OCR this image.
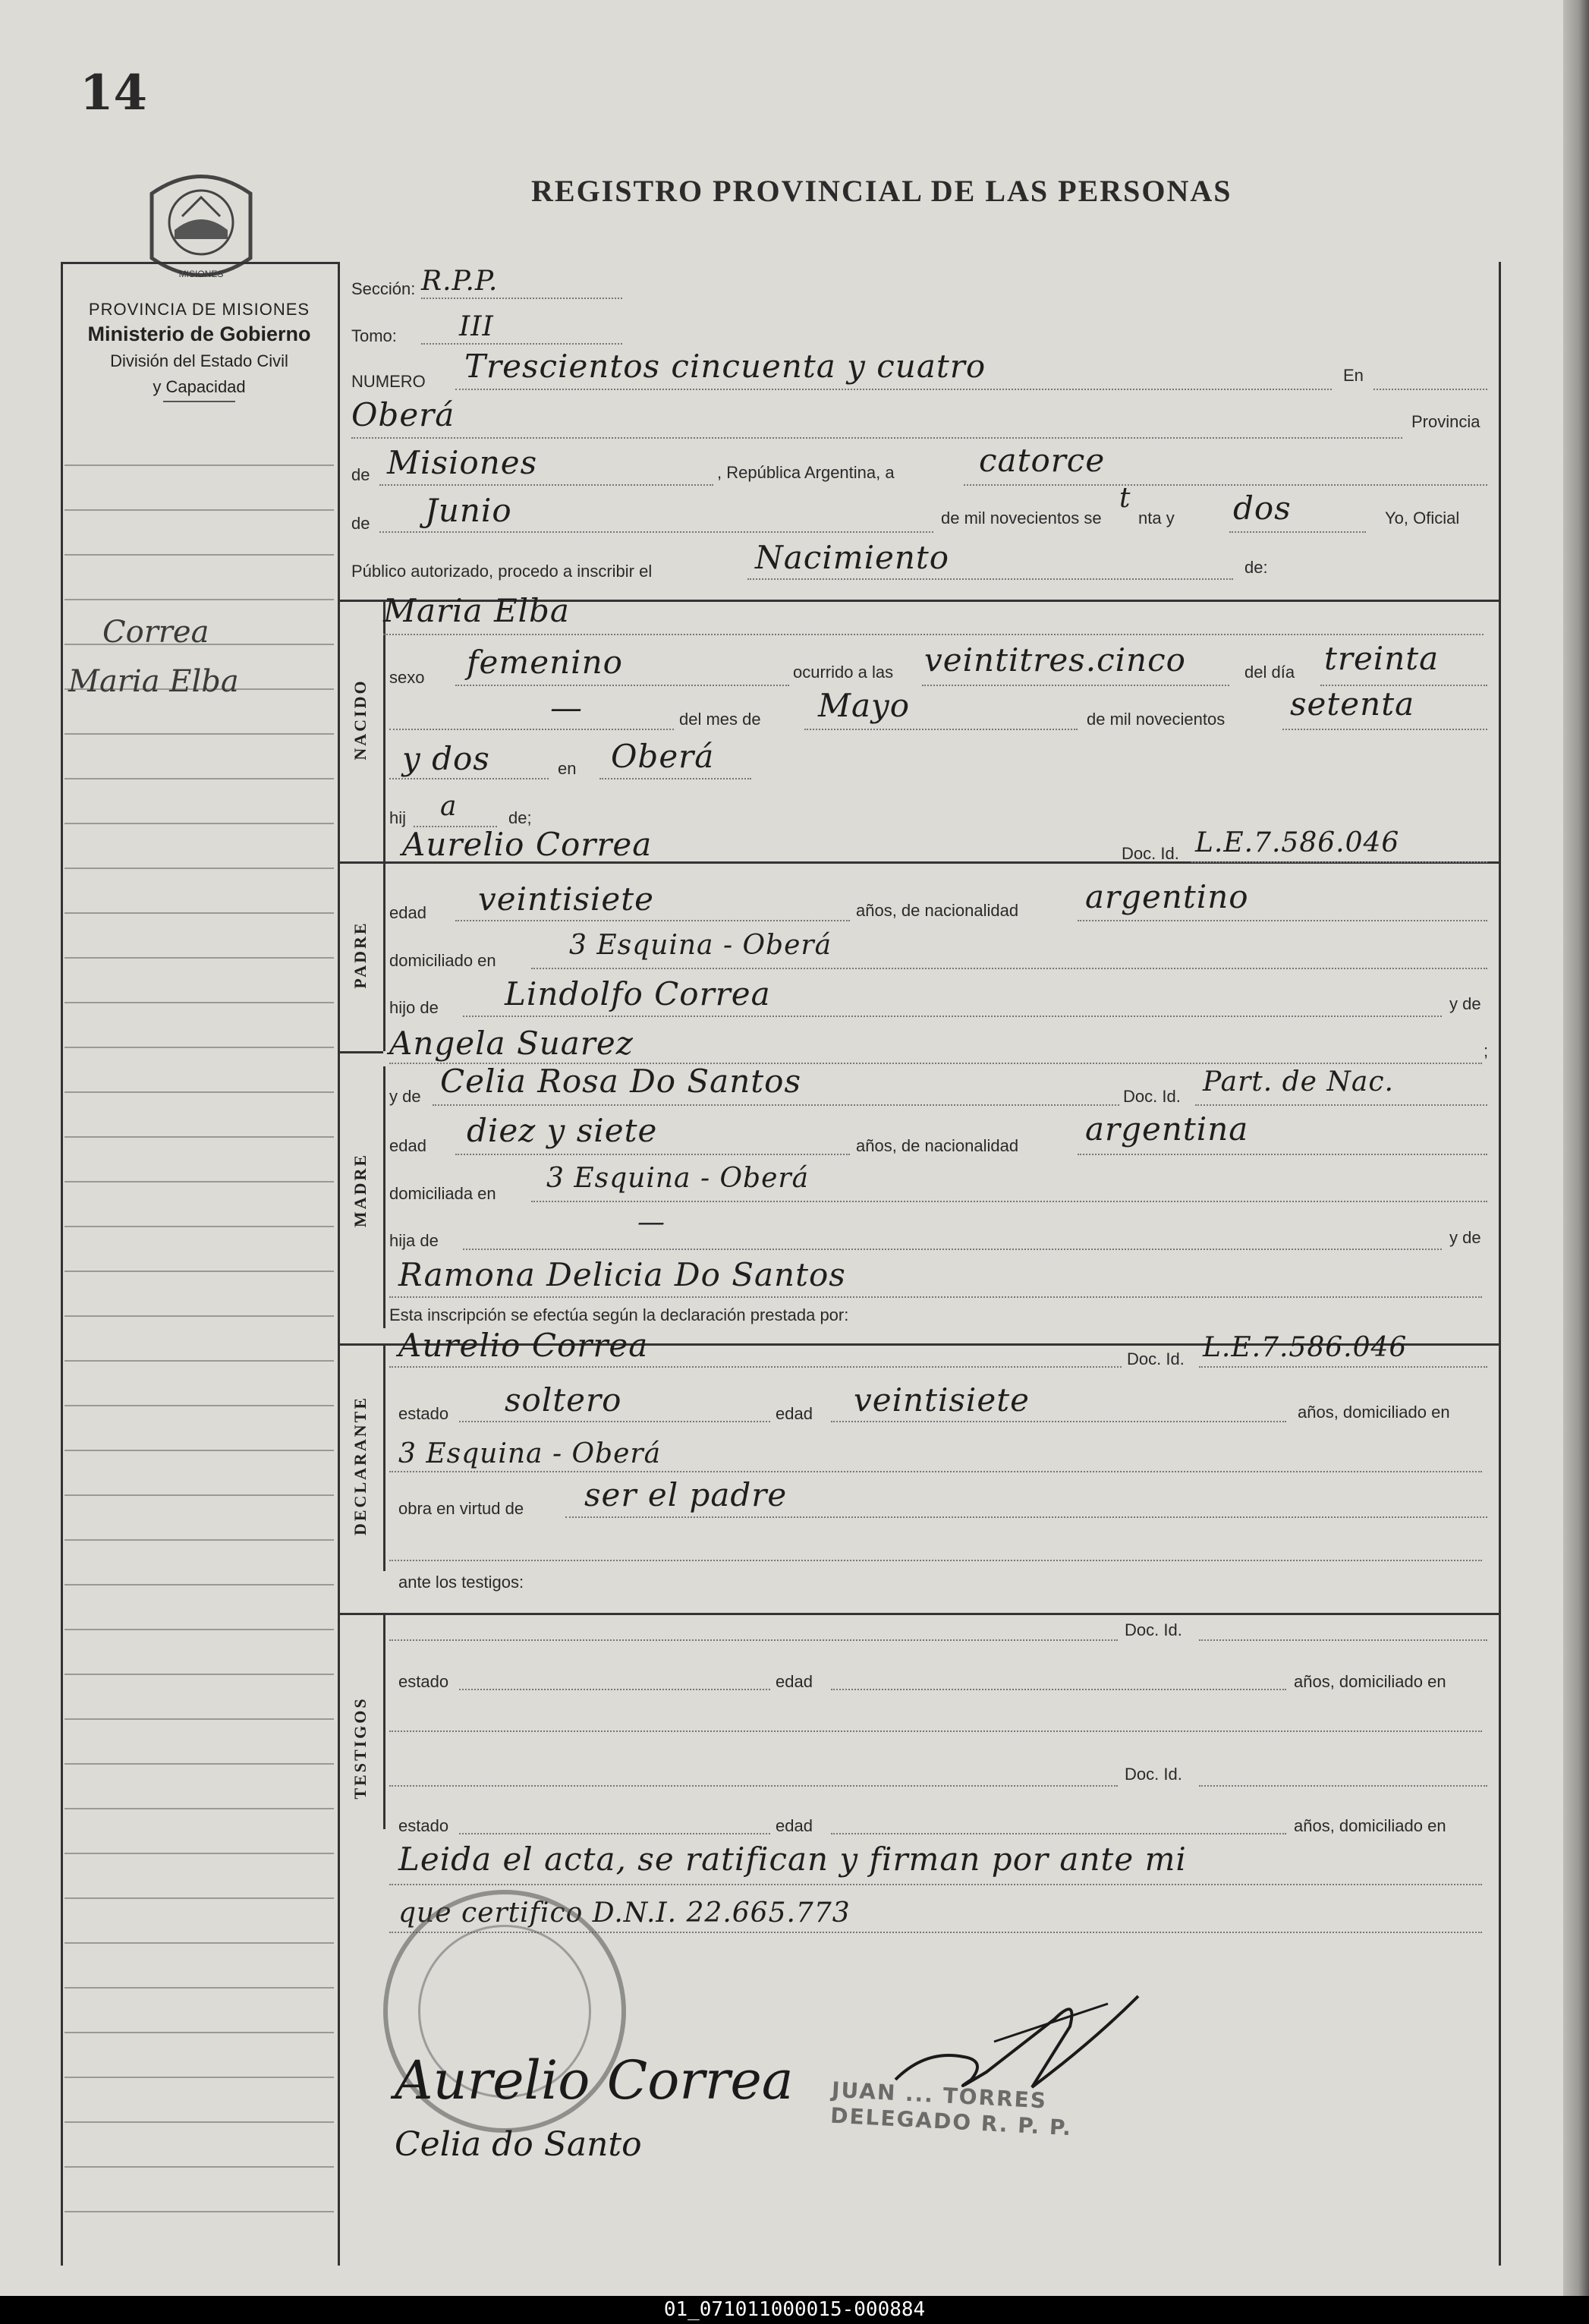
14
MISIONES
REGISTRO PROVINCIAL DE LAS PERSONAS
PROVINCIA DE MISIONES
Ministerio de Gobierno
División del Estado Civil
y Capacidad
Correa
Maria Elba
Sección: R.P.P.
Tomo: III
NUMERO Trescientos cincuenta y cuatro	En
Oberá	Provincia
de Misiones	, República Argentina, a	catorce
de Junio	de mil novecientos se
t
nta y dos	Yo, Oficial
Público autorizado, procedo a inscribir el	Nacimiento	de:
NACIDO
Maria Elba
sexo femenino	ocurrido a las veintitres.cinco	del día treinta
—	del mes de Mayo	de mil novecientos setenta
y dos	en Oberá
hij a	de;
PADRE
Aurelio Correa	Doc. Id. L.E.7.586.046
edad veintisiete	años, de nacionalidad argentino
domiciliado en	3 Esquina - Oberá
hijo de Lindolfo Correa	y de
Angela Suarez	;
MADRE
y de Celia Rosa Do Santos	Doc. Id. Part. de Nac.
edad diez y siete	años, de nacionalidad argentina
domiciliada en 3 Esquina - Oberá
hija de
—	y de
Ramona Delicia Do Santos
DECLARANTE
Esta inscripción se efectúa según la declaración prestada por:
Aurelio Correa	Doc. Id. L.E.7.586.046
estado soltero	edad veintisiete	años, domiciliado en
3 Esquina - Oberá
obra en virtud de ser el padre
ante los testigos:
TESTIGOS
Doc. Id.
estado	edad	años, domiciliado en
Doc. Id.
estado	edad	años, domiciliado en
Leida el acta, se ratifican y firman por ante mi
que certifico D.N.I. 22.665.773
Aurelio Correa
Celia do Santo
JUAN ... TORRES
DELEGADO R. P. P.
01_071011000015-000884
